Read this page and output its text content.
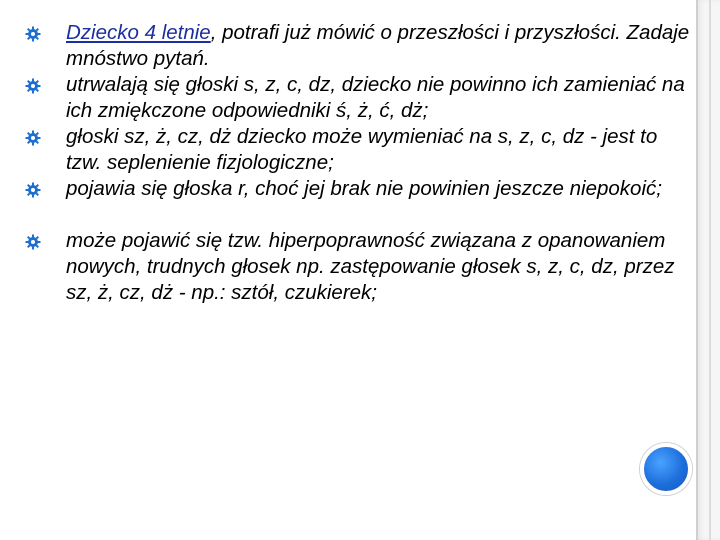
Dziecko 4 letnie, potrafi już mówić o przeszłości i przyszłości. Zadaje mnóstwo pytań.
utrwalają się głoski s, z, c, dz, dziecko nie powinno ich zamieniać na ich zmiękczone odpowiedniki ś, ż, ć, dż;
głoski sz, ż, cz, dż dziecko może wymieniać na s, z, c, dz - jest to tzw. seplenienie fizjologiczne;
pojawia się głoska r, choć jej brak nie powinien jeszcze niepokoić;
może pojawić się tzw. hiperpoprawność związana z opanowaniem nowych, trudnych głosek np. zastępowanie głosek s, z, c, dz, przez sz, ż, cz, dż - np.: sztół, czukierek;
